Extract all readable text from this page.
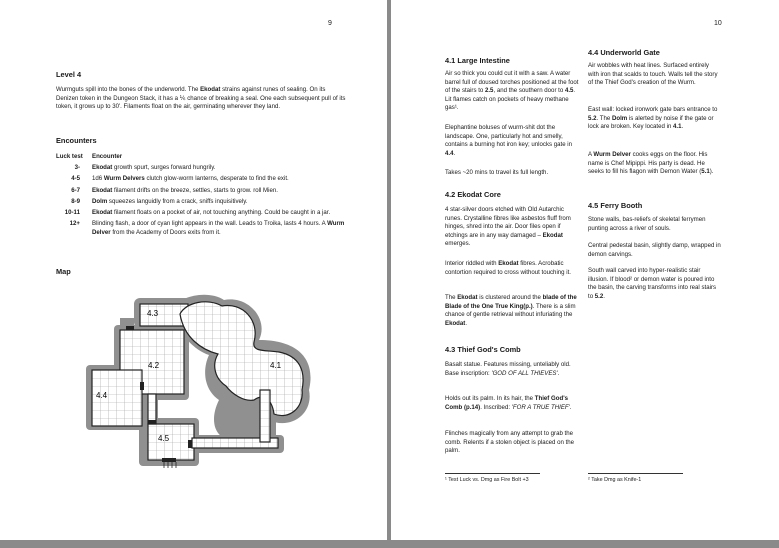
9
Level 4
Wurmguts spill into the bones of the underworld. The Ekodat strains against runes of sealing. On its Denizen token in the Dungeon Stack, it has a ⅙ chance of breaking a seal. One each subsequent pull of its token, it grows up to 30'. Filaments float on the air, germinating wherever they land.
Encounters
Luck test	Encounter
3-	Ekodat growth spurt, surges forward hungrily.
4-5	1d6 Wurm Delvers clutch glow-worm lanterns, desperate to find the exit.
6-7	Ekodat filament drifts on the breeze, settles, starts to grow. roll Mien.
8-9	Dolm squeezes languidly from a crack, sniffs inquisitively.
10-11	Ekodat filament floats on a pocket of air, not touching anything. Could be caught in a jar.
12+	Blinding flash, a door of cyan light appears in the wall. Leads to Troika, lasts 4 hours. A Wurm Delver from the Academy of Doors exits from it.
Map
4.3
4.2	4.1
4.4
4.5
10
4.1 Large Intestine
Air so thick you could cut it with a saw. A water barrel full of doused torches positioned at the foot of the stairs to 2.5, and the southern door to 4.5. Lit flames catch on pockets of heavy methane gas¹.
Elephantine boluses of wurm-shit dot the landscape. One, particularly hot and smelly, contains a burning hot iron key; unlocks gate in 4.4.
Takes ~20 mins to travel its full length.
4.2 Ekodat Core
4 star-silver doors etched with Old Autarchic runes. Crystalline fibres like asbestos fluff from hinges, shred into the air. Door files open if etchings are in any way damaged – Ekodat emerges.
Interior riddled with Ekodat fibres. Acrobatic contortion required to cross without touching it.
The Ekodat is clustered around the blade of the Blade of the One True King(p.). There is a slim chance of gentle retrieval without infuriating the Ekodat.
4.3 Thief God's Comb
Basalt statue. Features missing, unteliably old. Base inscription: 'GOD OF ALL THIEVES'.
Holds out its palm. In its hair, the Thief God's Comb (p.14). Inscribed: 'FOR A TRUE THIEF'.
Flinches magically from any attempt to grab the comb. Relents if a stolen object is placed on the palm.
¹ Test Luck vs. Dmg as Fire Bolt +3
4.4 Underworld Gate
Air wobbles with heat lines. Surfaced entirely with iron that scalds to touch. Walls tell the story of the Thief God's creation of the Wurm.
East wall: locked ironwork gate bars entrance to 5.2. The Dolm is alerted by noise if the gate or lock are broken. Key located in 4.1.
A Wurm Delver cooks eggs on the floor. His name is Chef Mipippi. His party is dead. He seeks to fill his flagon with Demon Water (5.1).
4.5 Ferry Booth
Stone walls, bas-reliefs of skeletal ferrymen punting across a river of souls.
Central pedestal basin, slightly damp, wrapped in demon carvings.
South wall carved into hyper-realistic stair illusion. If blood² or demon water is poured into the basin, the carving transforms into real stairs to 5.2.
² Take Dmg as Knife-1
